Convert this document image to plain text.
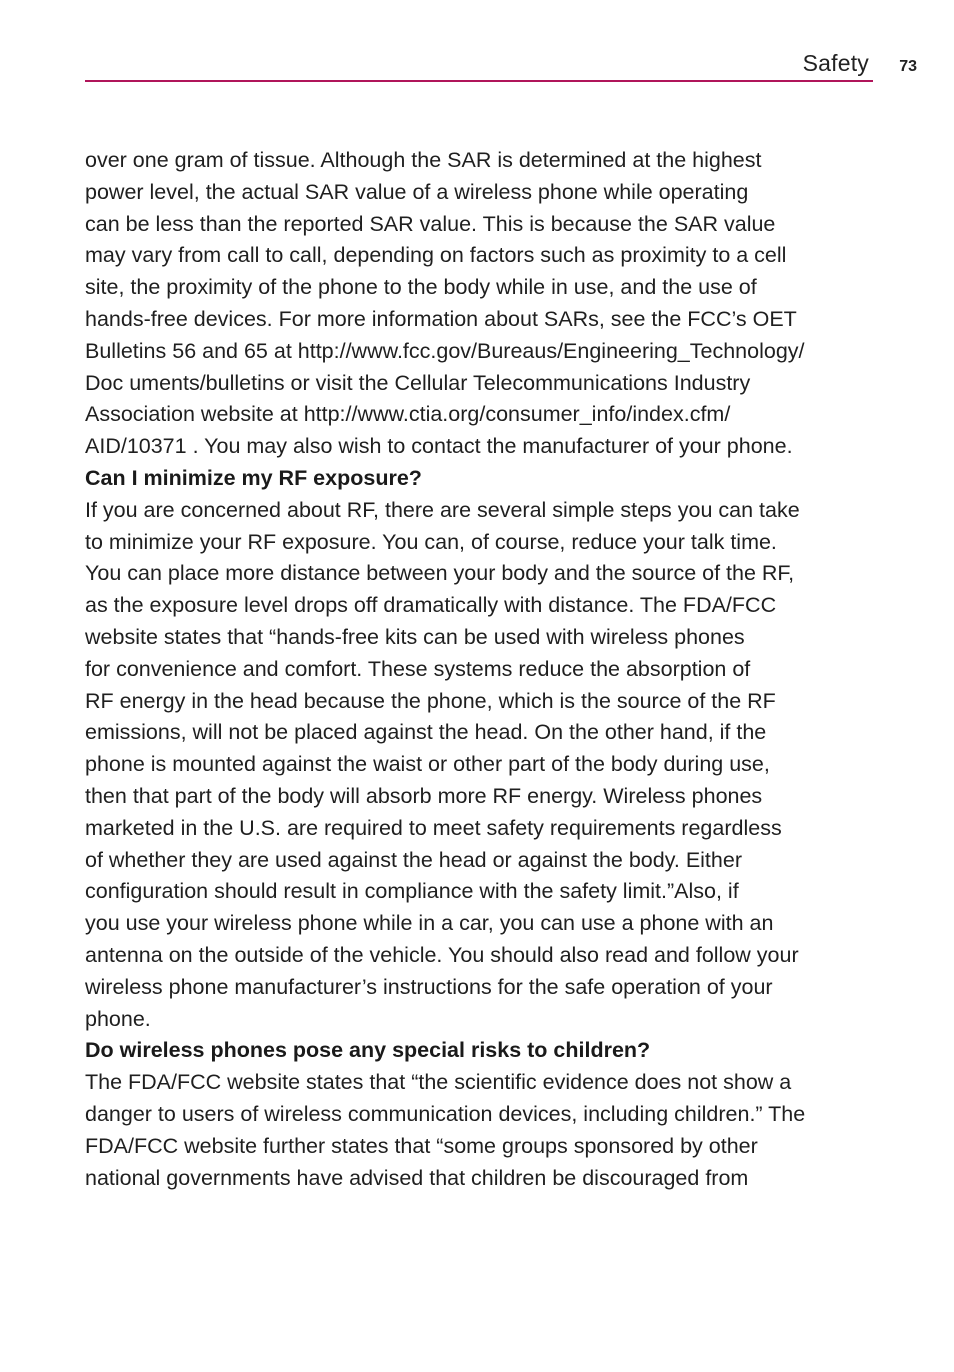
Safety 73

over one gram of tissue. Although the SAR is determined at the highest
power level, the actual SAR value of a wireless phone while operating
can be less than the reported SAR value. This is because the SAR value
may vary from call to call, depending on factors such as proximity to a cell
site, the proximity of the phone to the body while in use, and the use of
hands-free devices. For more information about SARs, see the FCC’s OET
Bulletins 56 and 65 at http://www.fcc.gov/Bureaus/Engineering_Technology/
Doc uments/bulletins or visit the Cellular Telecommunications Industry
Association website at http://www.ctia.org/consumer_info/index.cfm/
AID/10371 . You may also wish to contact the manufacturer of your phone.

Can I minimize my RF exposure?

If you are concerned about RF, there are several simple steps you can take
to minimize your RF exposure. You can, of course, reduce your talk time.
You can place more distance between your body and the source of the RF,
as the exposure level drops off dramatically with distance. The FDA/FCC
website states that “hands-free kits can be used with wireless phones
for convenience and comfort. These systems reduce the absorption of
RF energy in the head because the phone, which is the source of the RF
emissions, will not be placed against the head. On the other hand, if the
phone is mounted against the waist or other part of the body during use,
then that part of the body will absorb more RF energy. Wireless phones
marketed in the U.S. are required to meet safety requirements regardless
of whether they are used against the head or against the body. Either
configuration should result in compliance with the safety limit.”Also, if
you use your wireless phone while in a car, you can use a phone with an
antenna on the outside of the vehicle. You should also read and follow your
wireless phone manufacturer’s instructions for the safe operation of your
phone.

Do wireless phones pose any special risks to children?

The FDA/FCC website states that “the scientific evidence does not show a
danger to users of wireless communication devices, including children.” The
FDA/FCC website further states that “some groups sponsored by other
national governments have advised that children be discouraged from
